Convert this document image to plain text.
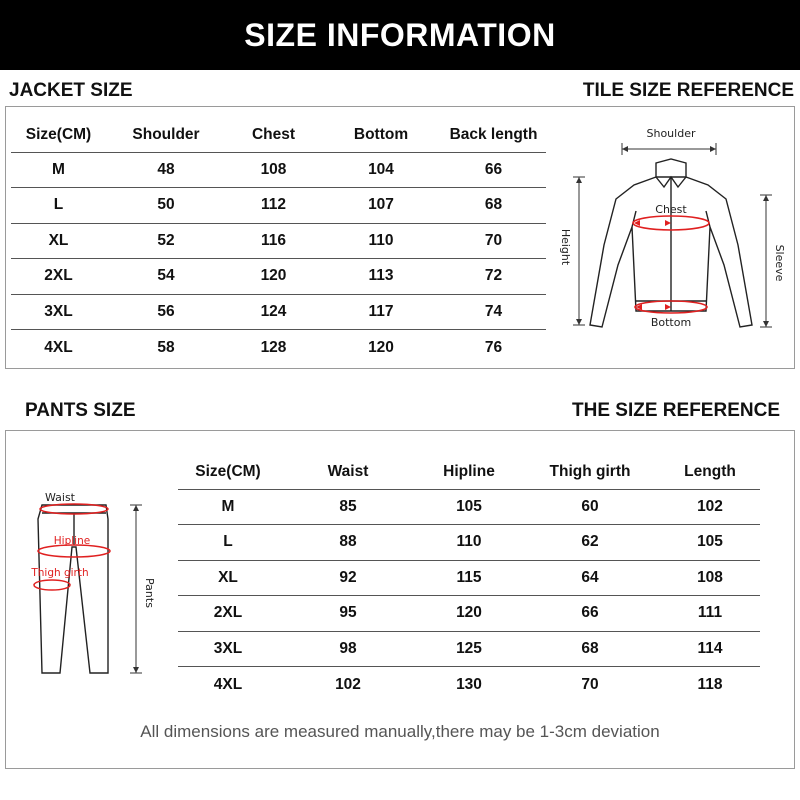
SIZE INFORMATION
JACKET SIZE	TILE SIZE REFERENCE
Size(CM)	Shoulder	Chest	Bottom	Back length
M	48	108	104	66
L	50	112	107	68
XL	52	116	110	70
2XL	54	120	113	72
3XL	56	124	117	74
4XL	58	128	120	76
Shoulder
Chest
Bottom
Height	Sleeve
PANTS SIZE	THE SIZE REFERENCE
Waist
Hipline
Thigh girth
Pants
Size(CM)	Waist	Hipline	Thigh girth	Length
M	85	105	60	102
L	88	110	62	105
XL	92	115	64	108
2XL	95	120	66	111
3XL	98	125	68	114
4XL	102	130	70	118
All dimensions are measured manually,there may be 1-3cm deviation
